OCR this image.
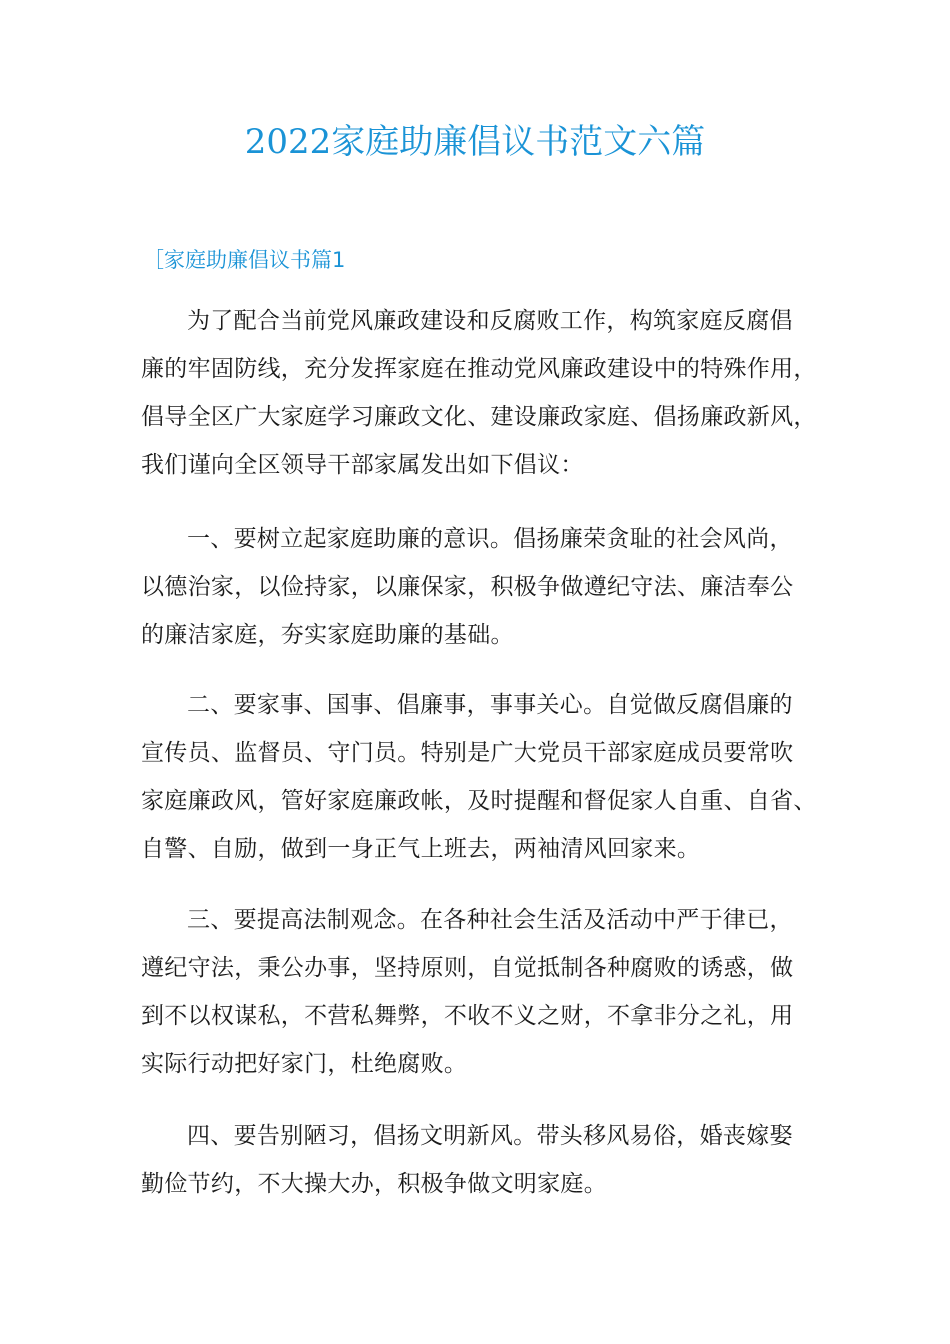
2022家庭助廉倡议书范文六篇
［家庭助廉倡议书篇1
为了配合当前党风廉政建设和反腐败工作，构筑家庭反腐倡
廉的牢固防线，充分发挥家庭在推动党风廉政建设中的特殊作用，
倡导全区广大家庭学习廉政文化、建设廉政家庭、倡扬廉政新风，
我们谨向全区领导干部家属发出如下倡议：
一、要树立起家庭助廉的意识。倡扬廉荣贪耻的社会风尚，
以德治家，以俭持家，以廉保家，积极争做遵纪守法、廉洁奉公
的廉洁家庭，夯实家庭助廉的基础。
二、要家事、国事、倡廉事，事事关心。自觉做反腐倡廉的
宣传员、监督员、守门员。特别是广大党员干部家庭成员要常吹
家庭廉政风，管好家庭廉政帐，及时提醒和督促家人自重、自省、
自警、自励，做到一身正气上班去，两袖清风回家来。
三、要提高法制观念。在各种社会生活及活动中严于律已，
遵纪守法，秉公办事，坚持原则，自觉抵制各种腐败的诱惑，做
到不以权谋私，不营私舞弊，不收不义之财，不拿非分之礼，用
实际行动把好家门，杜绝腐败。
四、要告别陋习，倡扬文明新风。带头移风易俗，婚丧嫁娶
勤俭节约，不大操大办，积极争做文明家庭。
